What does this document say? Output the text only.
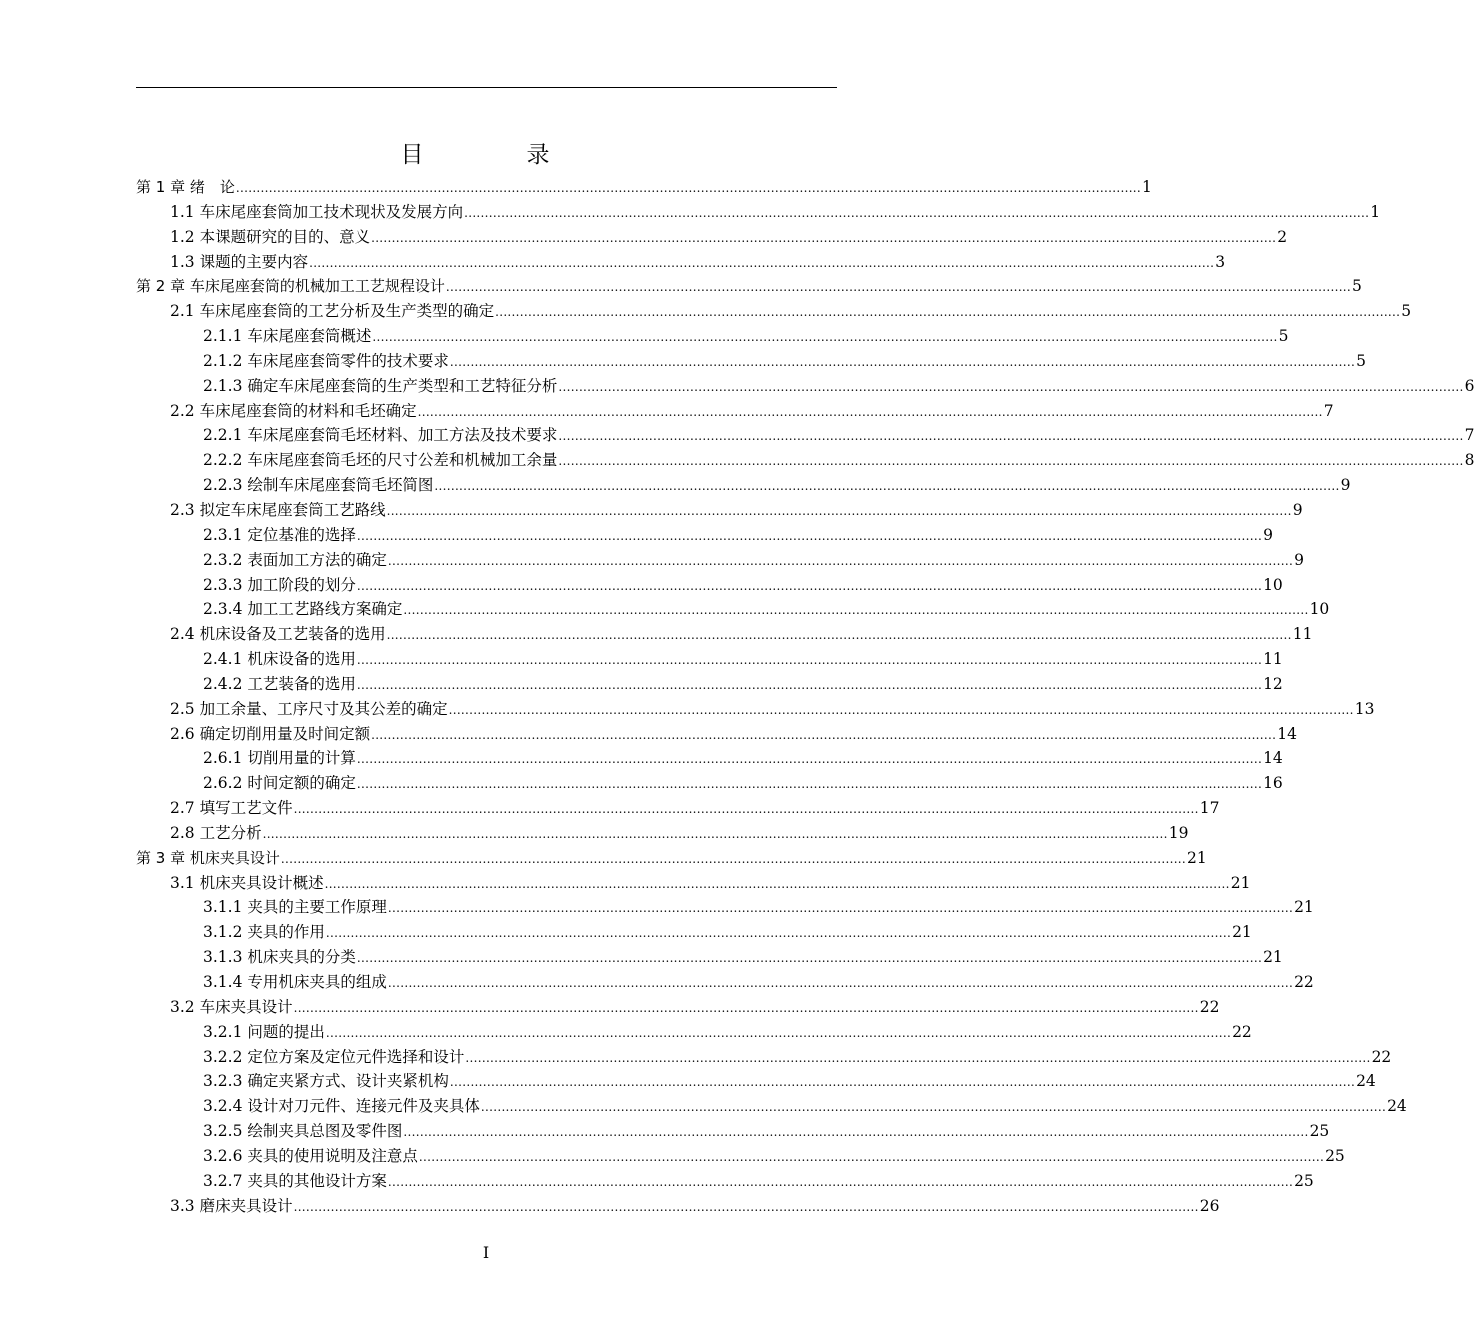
目　录
第 1 章 绪　论 ............................................................................................................................................................................................................................ 1
1.1 车床尾座套筒加工技术现状及发展方向 ............................................................................................................................................................................................................................ 1
1.2 本课题研究的目的、意义 ............................................................................................................................................................................................................................ 2
1.3 课题的主要内容 ............................................................................................................................................................................................................................ 3
第 2 章 车床尾座套筒的机械加工工艺规程设计 ............................................................................................................................................................................................................................ 5
2.1 车床尾座套筒的工艺分析及生产类型的确定 ............................................................................................................................................................................................................................ 5
2.1.1 车床尾座套筒概述 ............................................................................................................................................................................................................................ 5
2.1.2 车床尾座套筒零件的技术要求 ............................................................................................................................................................................................................................ 5
2.1.3 确定车床尾座套筒的生产类型和工艺特征分析 ............................................................................................................................................................................................................................ 6
2.2 车床尾座套筒的材料和毛坯确定 ............................................................................................................................................................................................................................ 7
2.2.1 车床尾座套筒毛坯材料、加工方法及技术要求 ............................................................................................................................................................................................................................ 7
2.2.2 车床尾座套筒毛坯的尺寸公差和机械加工余量 ............................................................................................................................................................................................................................ 8
2.2.3 绘制车床尾座套筒毛坯简图 ............................................................................................................................................................................................................................ 9
2.3 拟定车床尾座套筒工艺路线 ............................................................................................................................................................................................................................ 9
2.3.1 定位基准的选择 ............................................................................................................................................................................................................................ 9
2.3.2 表面加工方法的确定 ............................................................................................................................................................................................................................ 9
2.3.3 加工阶段的划分 ............................................................................................................................................................................................................................ 10
2.3.4 加工工艺路线方案确定 ............................................................................................................................................................................................................................ 10
2.4 机床设备及工艺装备的选用 ............................................................................................................................................................................................................................ 11
2.4.1 机床设备的选用 ............................................................................................................................................................................................................................ 11
2.4.2 工艺装备的选用 ............................................................................................................................................................................................................................ 12
2.5 加工余量、工序尺寸及其公差的确定 ............................................................................................................................................................................................................................ 13
2.6 确定切削用量及时间定额 ............................................................................................................................................................................................................................ 14
2.6.1 切削用量的计算 ............................................................................................................................................................................................................................ 14
2.6.2 时间定额的确定 ............................................................................................................................................................................................................................ 16
2.7 填写工艺文件 ............................................................................................................................................................................................................................ 17
2.8 工艺分析 ............................................................................................................................................................................................................................ 19
第 3 章 机床夹具设计 ............................................................................................................................................................................................................................ 21
3.1 机床夹具设计概述 ............................................................................................................................................................................................................................ 21
3.1.1 夹具的主要工作原理 ............................................................................................................................................................................................................................ 21
3.1.2 夹具的作用 ............................................................................................................................................................................................................................ 21
3.1.3 机床夹具的分类 ............................................................................................................................................................................................................................ 21
3.1.4 专用机床夹具的组成 ............................................................................................................................................................................................................................ 22
3.2 车床夹具设计 ............................................................................................................................................................................................................................ 22
3.2.1 问题的提出 ............................................................................................................................................................................................................................ 22
3.2.2 定位方案及定位元件选择和设计 ............................................................................................................................................................................................................................ 22
3.2.3 确定夹紧方式、设计夹紧机构 ............................................................................................................................................................................................................................ 24
3.2.4 设计对刀元件、连接元件及夹具体 ............................................................................................................................................................................................................................ 24
3.2.5 绘制夹具总图及零件图 ............................................................................................................................................................................................................................ 25
3.2.6 夹具的使用说明及注意点 ............................................................................................................................................................................................................................ 25
3.2.7 夹具的其他设计方案 ............................................................................................................................................................................................................................ 25
3.3 磨床夹具设计 ............................................................................................................................................................................................................................ 26
I
